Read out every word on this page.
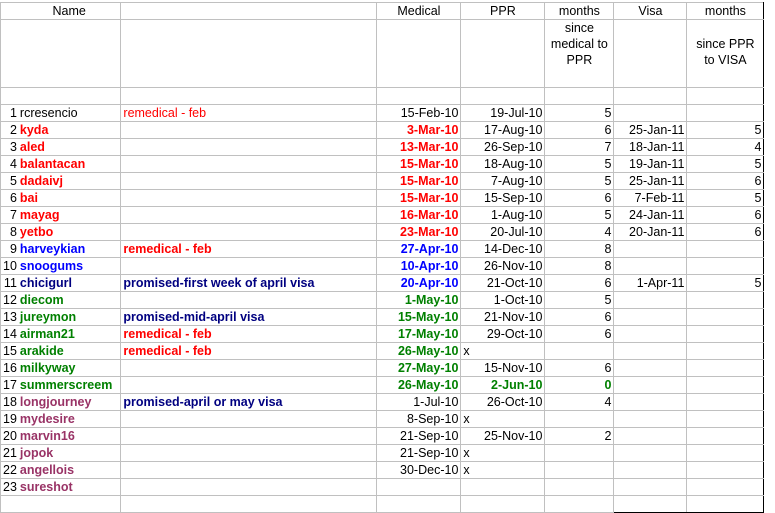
	Name		Medical	PPR	months	Visa	months
					since medical to PPR		since PPR to VISA

1	rcresencio	remedical - feb	15-Feb-10	19-Jul-10	5		
2	kyda		3-Mar-10	17-Aug-10	6	25-Jan-11	5
3	aled		13-Mar-10	26-Sep-10	7	18-Jan-11	4
4	balantacan		15-Mar-10	18-Aug-10	5	19-Jan-11	5
5	dadaivj		15-Mar-10	7-Aug-10	5	25-Jan-11	6
6	bai		15-Mar-10	15-Sep-10	6	7-Feb-11	5
7	mayag		16-Mar-10	1-Aug-10	5	24-Jan-11	6
8	yetbo		23-Mar-10	20-Jul-10	4	20-Jan-11	6
9	harveykian	remedical - feb	27-Apr-10	14-Dec-10	8		
10	snoogums		10-Apr-10	26-Nov-10	8		
11	chicigurl	promised-first week of april visa	20-Apr-10	21-Oct-10	6	1-Apr-11	5
12	diecom		1-May-10	1-Oct-10	5		
13	jureymon	promised-mid-april visa	15-May-10	21-Nov-10	6		
14	airman21	remedical - feb	17-May-10	29-Oct-10	6		
15	arakide	remedical - feb	26-May-10	x			
16	milkyway		27-May-10	15-Nov-10	6		
17	summerscreem		26-May-10	2-Jun-10	0		
18	longjourney	promised-april or may visa	1-Jul-10	26-Oct-10	4		
19	mydesire		8-Sep-10	x			
20	marvin16		21-Sep-10	25-Nov-10	2		
21	jopok		21-Sep-10	x			
22	angellois		30-Dec-10	x			
23	sureshot						
